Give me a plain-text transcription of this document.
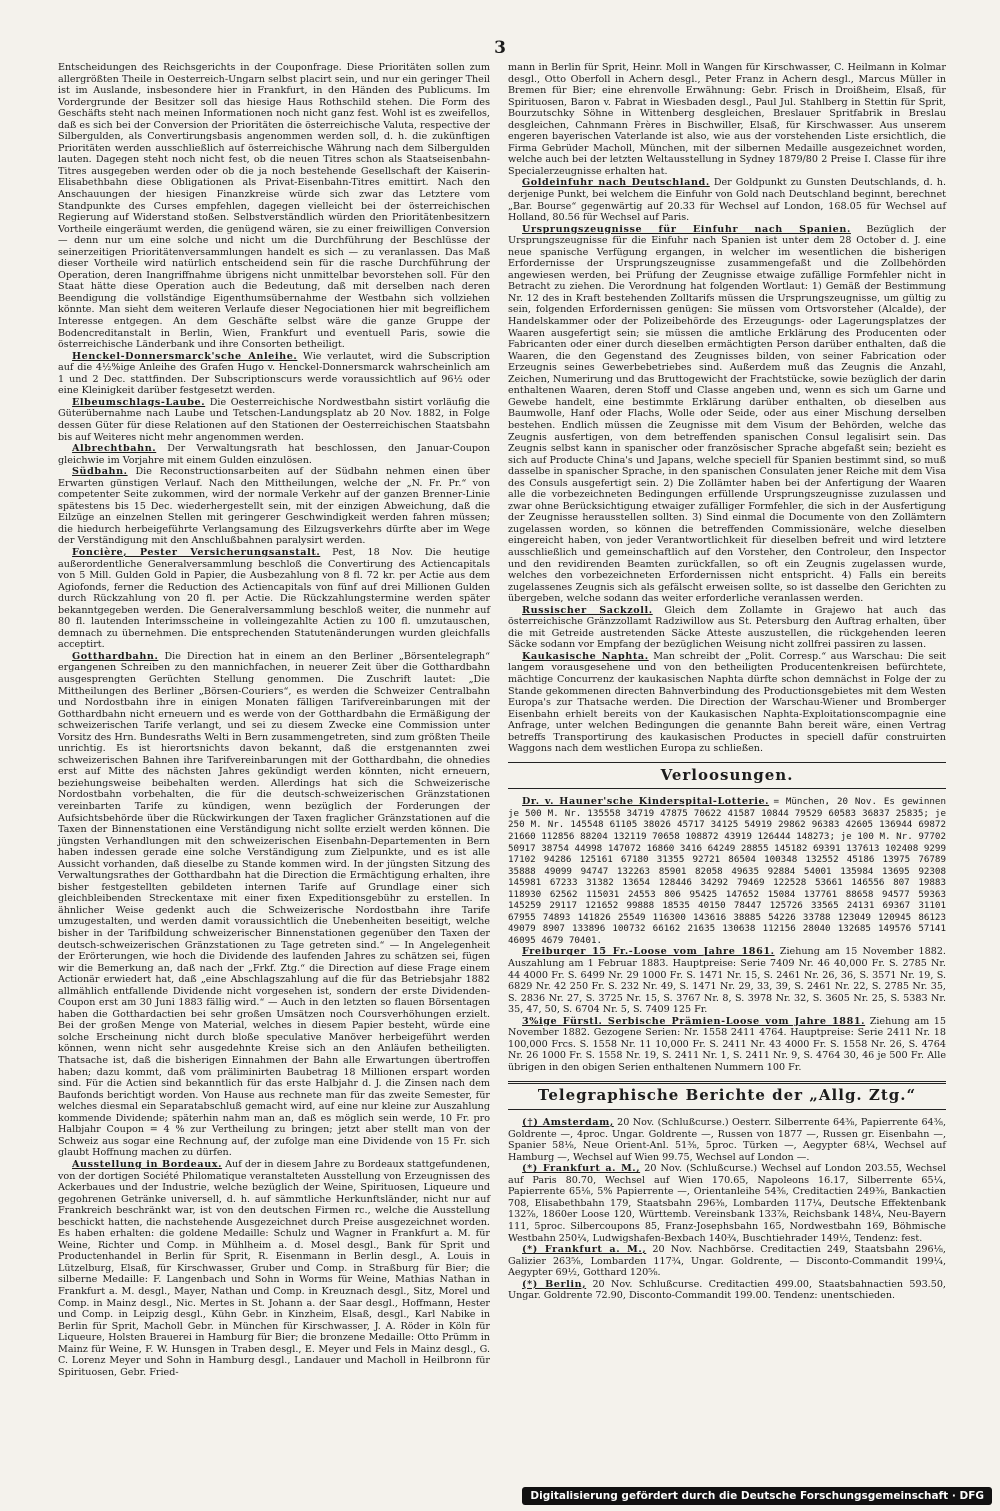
3

Entscheidungen des Reichsgerichts in der Couponfrage. Diese Prioritäten sollen zum allergrößten Theile in Oesterreich-Ungarn selbst placirt sein, und nur ein geringer Theil ist im Auslande, insbesondere hier in Frankfurt, in den Händen des Publicums. Im Vordergrunde der Besitzer soll das hiesige Haus Rothschild stehen. Die Form des Geschäfts steht nach meinen Informationen noch nicht ganz fest. Wohl ist es zweifellos, daß es sich bei der Conversion der Prioritäten die österreichische Valuta, respective der Silbergulden, als Convertirungsbasis angenommen werden soll, d. h. die zukünftigen Prioritäten werden ausschließlich auf österreichische Währung nach dem Silbergulden lauten. Dagegen steht noch nicht fest, ob die neuen Titres schon als Staatseisenbahn-Titres ausgegeben werden oder ob die ja noch bestehende Gesellschaft der Kaiserin-Elisabethbahn diese Obligationen als Privat-Eisenbahn-Titres emittirt. Nach den Anschauungen der hiesigen Finanzkreise würde sich zwar das Letztere vom Standpunkte des Curses empfehlen, dagegen vielleicht bei der österreichischen Regierung auf Widerstand stoßen. Selbstverständlich würden den Prioritätenbesitzern Vortheile eingeräumt werden, die genügend wären, sie zu einer freiwilligen Conversion — denn nur um eine solche und nicht um die Durchführung der Beschlüsse der seinerzeitigen Prioritätenversammlungen handelt es sich — zu veranlassen. Das Maß dieser Vortheile wird natürlich entscheidend sein für die rasche Durchführung der Operation, deren Inangriffnahme übrigens nicht unmittelbar bevorstehen soll. Für den Staat hätte diese Operation auch die Bedeutung, daß mit derselben nach deren Beendigung die vollständige Eigenthumsübernahme der Westbahn sich vollziehen könnte. Man sieht dem weiteren Verlaufe dieser Negociationen hier mit begreiflichem Interesse entgegen. An dem Geschäfte selbst wäre die ganze Gruppe der Bodencreditanstalt in Berlin, Wien, Frankfurt und eventuell Paris, sowie die österreichische Länderbank und ihre Consorten betheiligt.

Henckel-Donnersmarck'sche Anleihe. Wie verlautet, wird die Subscription auf die 4½%ige Anleihe des Grafen Hugo v. Henckel-Donnersmarck wahrscheinlich am 1 und 2 Dec. stattfinden. Der Subscriptionscurs werde voraussichtlich auf 96½ oder eine Kleinigkeit darüber festgesetzt werden.

Elbeumschlags-Laube. Die Oesterreichische Nordwestbahn sistirt vorläufig die Güterübernahme nach Laube und Tetschen-Landungsplatz ab 20 Nov. 1882, in Folge dessen Güter für diese Relationen auf den Stationen der Oesterreichischen Staatsbahn bis auf Weiteres nicht mehr angenommen werden.

Albrechtbahn. Der Verwaltungsrath hat beschlossen, den Januar-Coupon gleichwie im Vorjahre mit einem Gulden einzulösen.

Südbahn. Die Reconstructionsarbeiten auf der Südbahn nehmen einen über Erwarten günstigen Verlauf. Nach den Mittheilungen, welche der „N. Fr. Pr.“ von competenter Seite zukommen, wird der normale Verkehr auf der ganzen Brenner-Linie spätestens bis 15 Dec. wiederhergestellt sein, mit der einzigen Abweichung, daß die Eilzüge an einzelnen Stellen mit geringerer Geschwindigkeit werden fahren müssen; die hiedurch herbeigeführte Verlangsamung des Eilzugsverkehrs dürfte aber im Wege der Verständigung mit den Anschlußbahnen paralysirt werden.

Foncière, Pester Versicherungsanstalt. Pest, 18 Nov. Die heutige außerordentliche Generalversammlung beschloß die Convertirung des Actiencapitals von 5 Mill. Gulden Gold in Papier, die Ausbezahlung von 8 fl. 72 kr. per Actie aus dem Agiofonds, ferner die Reduction des Actiencapitals von fünf auf drei Millionen Gulden durch Rückzahlung von 20 fl. per Actie. Die Rückzahlungstermine werden später bekanntgegeben werden. Die Generalversammlung beschloß weiter, die nunmehr auf 80 fl. lautenden Interimsscheine in volleingezahlte Actien zu 100 fl. umzutauschen, demnach zu übernehmen. Die entsprechenden Statutenänderungen wurden gleichfalls acceptirt.

Gotthardbahn. Die Direction hat in einem an den Berliner „Börsentelegraph“ ergangenen Schreiben zu den mannichfachen, in neuerer Zeit über die Gotthardbahn ausgesprengten Gerüchten Stellung genommen. Die Zuschrift lautet: „Die Mittheilungen des Berliner „Börsen-Couriers“, es werden die Schweizer Centralbahn und Nordostbahn ihre in einigen Monaten fälligen Tarifvereinbarungen mit der Gotthardbahn nicht erneuern und es werde von der Gotthardbahn die Ermäßigung der schweizerischen Tarife verlangt, und sei zu diesem Zwecke eine Commission unter Vorsitz des Hrn. Bundesraths Welti in Bern zusammengetreten, sind zum größten Theile unrichtig. Es ist hierortsnichts davon bekannt, daß die erstgenannten zwei schweizerischen Bahnen ihre Tarifvereinbarungen mit der Gotthardbahn, die ohnedies erst auf Mitte des nächsten Jahres gekündigt werden könnten, nicht erneuern, beziehungsweise beibehalten werden. Allerdings hat sich die Schweizerische Nordostbahn vorbehalten, die für die deutsch-schweizerischen Gränzstationen vereinbarten Tarife zu kündigen, wenn bezüglich der Forderungen der Aufsichtsbehörde über die Rückwirkungen der Taxen fraglicher Gränzstationen auf die Taxen der Binnenstationen eine Verständigung nicht sollte erzielt werden können. Die jüngsten Verhandlungen mit den schweizerischen Eisenbahn-Departementen in Bern haben indessen gerade eine solche Verständigung zum Zielpunkte, und es ist alle Aussicht vorhanden, daß dieselbe zu Stande kommen wird. In der jüngsten Sitzung des Verwaltungsrathes der Gotthardbahn hat die Direction die Ermächtigung erhalten, ihre bisher festgestellten gebildeten internen Tarife auf Grundlage einer sich gleichbleibenden Streckentaxe mit einer fixen Expeditionsgebühr zu erstellen. In ähnlicher Weise gedenkt auch die Schweizerische Nordostbahn ihre Tarife umzugestalten, und werden damit voraussichtlich die Unebenheiten beseitigt, welche bisher in der Tarifbildung schweizerischer Binnenstationen gegenüber den Taxen der deutsch-schweizerischen Gränzstationen zu Tage getreten sind.“ — In Angelegenheit der Erörterungen, wie hoch die Dividende des laufenden Jahres zu schätzen sei, fügen wir die Bemerkung an, daß nach der „Frkf. Ztg.“ die Direction auf diese Frage einem Actionär erwiedert hat, daß „eine Abschlagszahlung auf die für das Betriebsjahr 1882 allmählich entfallende Dividende nicht vorgesehen ist, sondern der erste Dividenden-Coupon erst am 30 Juni 1883 fällig wird.“ — Auch in den letzten so flauen Börsentagen haben die Gotthardactien bei sehr großen Umsätzen noch Coursverhöhungen erzielt. Bei der großen Menge von Material, welches in diesem Papier besteht, würde eine solche Erscheinung nicht durch bloße speculative Manöver herbeigeführt werden können, wenn nicht sehr ausgedehnte Kreise sich an den Anläufen betheiligten. Thatsache ist, daß die bisherigen Einnahmen der Bahn alle Erwartungen übertroffen haben; dazu kommt, daß vom präliminirten Baubetrag 18 Millionen erspart worden sind. Für die Actien sind bekanntlich für das erste Halbjahr d. J. die Zinsen nach dem Baufonds berichtigt worden. Von Hause aus rechnete man für das zweite Semester, für welches diesmal ein Separatabschluß gemacht wird, auf eine nur kleine zur Auszahlung kommende Dividende; späterhin nahm man an, daß es möglich sein werde, 10 Fr. pro Halbjahr Coupon = 4 % zur Vertheilung zu bringen; jetzt aber stellt man von der Schweiz aus sogar eine Rechnung auf, der zufolge man eine Dividende von 15 Fr. sich glaubt Hoffnung machen zu dürfen.

Ausstellung in Bordeaux. Auf der in diesem Jahre zu Bordeaux stattgefundenen, von der dortigen Société Philomatique veranstalteten Ausstellung von Erzeugnissen des Ackerbaues und der Industrie, welche bezüglich der Weine, Spirituosen, Liqueure und gegohrenen Getränke universell, d. h. auf sämmtliche Herkunftsländer, nicht nur auf Frankreich beschränkt war, ist von den deutschen Firmen rc., welche die Ausstellung beschickt hatten, die nachstehende Ausgezeichnet durch Preise ausgezeichnet worden. Es haben erhalten: die goldene Medaille: Schulz und Wagner in Frankfurt a. M. für Weine, Richter und Comp. in Mühlheim a. d. Mosel desgl., Bank für Sprit und Productenhandel in Berlin für Sprit, R. Eisenmann in Berlin desgl., A. Louis in Lützelburg, Elsaß, für Kirschwasser, Gruber und Comp. in Straßburg für Bier; die silberne Medaille: F. Langenbach und Sohn in Worms für Weine, Mathias Nathan in Frankfurt a. M. desgl., Mayer, Nathan und Comp. in Kreuznach desgl., Sitz, Morel und Comp. in Mainz desgl., Nic. Mertes in St. Johann a. der Saar desgl., Hoffmann, Hester und Comp. in Leipzig desgl., Kühn Gebr. in Kinzheim, Elsaß, desgl., Karl Nabike in Berlin für Sprit, Macholl Gebr. in München für Kirschwasser, J. A. Röder in Köln für Liqueure, Holsten Brauerei in Hamburg für Bier; die bronzene Medaille: Otto Prümm in Mainz für Weine, F. W. Hunsgen in Traben desgl., E. Meyer und Fels in Mainz desgl., G. C. Lorenz Meyer und Sohn in Hamburg desgl., Landauer und Macholl in Heilbronn für Spirituosen, Gebr. Fried-

mann in Berlin für Sprit, Heinr. Moll in Wangen für Kirschwasser, C. Heilmann in Kolmar desgl., Otto Oberfoll in Achern desgl., Peter Franz in Achern desgl., Marcus Müller in Bremen für Bier; eine ehrenvolle Erwähnung: Gebr. Frisch in Droißheim, Elsaß, für Spirituosen, Baron v. Fabrat in Wiesbaden desgl., Paul Jul. Stahlberg in Stettin für Sprit, Bourzutschky Söhne in Wittenberg desgleichen, Breslauer Spritfabrik in Breslau desgleichen, Cahnmann Frères in Bischwiller, Elsaß, für Kirschwasser. Aus unserem engeren bayerischen Vaterlande ist also, wie aus der vorstehenden Liste ersichtlich, die Firma Gebrüder Macholl, München, mit der silbernen Medaille ausgezeichnet worden, welche auch bei der letzten Weltausstellung in Sydney 1879/80 2 Preise I. Classe für ihre Specialerzeugnisse erhalten hat.

Goldeinfuhr nach Deutschland. Der Goldpunkt zu Gunsten Deutschlands, d. h. derjenige Punkt, bei welchem die Einfuhr von Gold nach Deutschland beginnt, berechnet „Bar. Bourse“ gegenwärtig auf 20.33 für Wechsel auf London, 168.05 für Wechsel auf Holland, 80.56 für Wechsel auf Paris.

Ursprungszeugnisse für Einfuhr nach Spanien. Bezüglich der Ursprungszeugnisse für die Einfuhr nach Spanien ist unter dem 28 October d. J. eine neue spanische Verfügung ergangen, in welcher im wesentlichen die bisherigen Erfordernisse der Ursprungszeugnisse zusammengefaßt und die Zollbehörden angewiesen werden, bei Prüfung der Zeugnisse etwaige zufällige Formfehler nicht in Betracht zu ziehen. Die Verordnung hat folgenden Wortlaut: 1) Gemäß der Bestimmung Nr. 12 des in Kraft bestehenden Zolltarifs müssen die Ursprungszeugnisse, um gültig zu sein, folgenden Erfordernissen genügen: Sie müssen vom Ortsvorsteher (Alcalde), der Handelskammer oder der Polizeibehörde des Erzeugungs- oder Lagerungsplatzes der Waaren ausgefertigt sein; sie müssen die amtliche Erklärung des Producenten oder Fabricanten oder einer durch dieselben ermächtigten Person darüber enthalten, daß die Waaren, die den Gegenstand des Zeugnisses bilden, von seiner Fabrication oder Erzeugnis seines Gewerbebetriebes sind. Außerdem muß das Zeugnis die Anzahl, Zeichen, Numerirung und das Bruttogewicht der Frachtstücke, sowie bezüglich der darin enthaltenen Waaren, deren Stoff und Classe angeben und, wenn es sich um Garne und Gewebe handelt, eine bestimmte Erklärung darüber enthalten, ob dieselben aus Baumwolle, Hanf oder Flachs, Wolle oder Seide, oder aus einer Mischung derselben bestehen. Endlich müssen die Zeugnisse mit dem Visum der Behörden, welche das Zeugnis ausfertigen, von dem betreffenden spanischen Consul legalisirt sein. Das Zeugnis selbst kann in spanischer oder französischer Sprache abgefaßt sein; bezieht es sich auf Producte China's und Japans, welche speciell für Spanien bestimmt sind, so muß dasselbe in spanischer Sprache, in den spanischen Consulaten jener Reiche mit dem Visa des Consuls ausgefertigt sein. 2) Die Zollämter haben bei der Anfertigung der Waaren alle die vorbezeichneten Bedingungen erfüllende Ursprungszeugnisse zuzulassen und zwar ohne Berücksichtigung etwaiger zufälliger Formfehler, die sich in der Ausfertigung der Zeugnisse herausstellen sollten. 3) Sind einmal die Documente von den Zollämtern zugelassen worden, so können die betreffenden Commissionäre, welche dieselben eingereicht haben, von jeder Verantwortlichkeit für dieselben befreit und wird letztere ausschließlich und gemeinschaftlich auf den Vorsteher, den Controleur, den Inspector und den revidirenden Beamten zurückfallen, so oft ein Zeugnis zugelassen wurde, welches den vorbezeichneten Erfordernissen nicht entspricht. 4) Falls ein bereits zugelassenes Zeugnis sich als gefälscht erweisen sollte, so ist dasselbe den Gerichten zu übergeben, welche sodann das weiter erforderliche veranlassen werden.

Russischer Sackzoll. Gleich dem Zollamte in Grajewo hat auch das österreichische Gränzzollamt Radziwillow aus St. Petersburg den Auftrag erhalten, über die mit Getreide austretenden Säcke Atteste auszustellen, die rückgehenden leeren Säcke sodann vor Empfang der bezüglichen Weisung nicht zollfrei passiren zu lassen.

Kaukasische Naphta. Man schreibt der „Polit. Corresp.“ aus Warschau: Die seit langem vorausgesehene und von den betheiligten Producentenkreisen befürchtete, mächtige Concurrenz der kaukasischen Naphta dürfte schon demnächst in Folge der zu Stande gekommenen directen Bahnverbindung des Productionsgebietes mit dem Westen Europa's zur Thatsache werden. Die Direction der Warschau-Wiener und Bromberger Eisenbahn erhielt bereits von der Kaukasischen Naphta-Exploitationscompagnie eine Anfrage, unter welchen Bedingungen die genannte Bahn bereit wäre, einen Vertrag betreffs Transportirung des kaukasischen Productes in speciell dafür construirten Waggons nach dem westlichen Europa zu schließen.

Verloosungen.

Dr. v. Hauner'sche Kinderspital-Lotterie. = München, 20 Nov. Es gewinnen je 500 M. Nr. 135558 34719 47875 70622 41587 10844 79529 60583 36837 25835; je 250 M. Nr. 145548 61105 38026 45717 34125 54919 29862 96383 42605 136944 69872 21660 112856 88204 132119 70658 108872 43919 126444 148273; je 100 M. Nr. 97702 50917 38754 44998 147072 16860 3416 64249 28855 145182 69391 137613 102408 9299 17102 94286 125161 67180 31355 92721 86504 100348 132552 45186 13975 76789 35888 49099 94747 132263 85901 82058 49635 92884 54001 135984 13695 92308 145981 67233 31382 13654 128446 34292 79469 122528 53661 146556 807 19883 118930 62562 115031 24553 806 95425 147652 15084 137761 88658 94577 59363 145259 29117 121652 99888 18535 40150 78447 125726 33565 24131 69367 31101 67955 74893 141826 25549 116300 143616 38885 54226 33788 123049 120945 86123 49079 8907 133896 100732 66162 21635 130638 112156 28040 132685 149576 57141 46095 4679 70401.

Freiburger 15 Fr.-Loose vom Jahre 1861. Ziehung am 15 November 1882. Auszahlung am 1 Februar 1883. Hauptpreise: Serie 7409 Nr. 46 40,000 Fr. S. 2785 Nr. 44 4000 Fr. S. 6499 Nr. 29 1000 Fr. S. 1471 Nr. 15, S. 2461 Nr. 26, 36, S. 3571 Nr. 19, S. 6829 Nr. 42 250 Fr. S. 232 Nr. 49, S. 1471 Nr. 29, 33, 39, S. 2461 Nr. 22, S. 2785 Nr. 35, S. 2836 Nr. 27, S. 3725 Nr. 15, S. 3767 Nr. 8, S. 3978 Nr. 32, S. 3605 Nr. 25, S. 5383 Nr. 35, 47, 50, S. 6704 Nr. 5, S. 7409 125 Fr.

3%ige Fürstl. Serbische Prämien-Loose vom Jahre 1881. Ziehung am 15 November 1882. Gezogene Serien: Nr. 1558 2411 4764. Hauptpreise: Serie 2411 Nr. 18 100,000 Frcs. S. 1558 Nr. 11 10,000 Fr. S. 2411 Nr. 43 4000 Fr. S. 1558 Nr. 26, S. 4764 Nr. 26 1000 Fr. S. 1558 Nr. 19, S. 2411 Nr. 1, S. 2411 Nr. 9, S. 4764 30, 46 je 500 Fr. Alle übrigen in den obigen Serien enthaltenen Nummern 100 Fr.

Telegraphische Berichte der „Allg. Ztg.“

(†) Amsterdam, 20 Nov. (Schlußcurse.) Oesterr. Silberrente 64⅜, Papierrente 64⅜, Goldrente —, 4proc. Ungar. Goldrente —, Russen von 1877 —, Russen gr. Eisenbahn —, Spanier 58⅛, Neue Orient-Anl. 51⅜, 5proc. Türken —, Aegypter 68¼, Wechsel auf Hamburg —, Wechsel auf Wien 99.75, Wechsel auf London —.

(*) Frankfurt a. M., 20 Nov. (Schlußcurse.) Wechsel auf London 203.55, Wechsel auf Paris 80.70, Wechsel auf Wien 170.65, Napoleons 16.17, Silberrente 65¼, Papierrente 65⅛, 5% Papierrente —, Orientanleihe 54⅜, Creditactien 249⅜, Bankactien 708, Elisabethbahn 179, Staatsbahn 296⅜, Lombarden 117¼, Deutsche Effektenbank 132⅞, 1860er Loose 120, Württemb. Vereinsbank 133⅞, Reichsbank 148¼, Neu-Bayern 111, 5proc. Silbercoupons 85, Franz-Josephsbahn 165, Nordwestbahn 169, Böhmische Westbahn 250¼, Ludwigshafen-Bexbach 140¾, Buschtiehrader 149½, Tendenz: fest.

(*) Frankfurt a. M., 20 Nov. Nachbörse. Creditactien 249, Staatsbahn 296⅛, Galizier 263⅝, Lombarden 117¾, Ungar. Goldrente, — Disconto-Commandit 199¼, Aegypter 69½, Gotthard 120⅝.

(*) Berlin, 20 Nov. Schlußcurse. Creditactien 499.00, Staatsbahnactien 593.50, Ungar. Goldrente 72.90, Disconto-Commandit 199.00. Tendenz: unentschieden.

Digitalisierung gefördert durch die Deutsche Forschungsgemeinschaft · DFG
